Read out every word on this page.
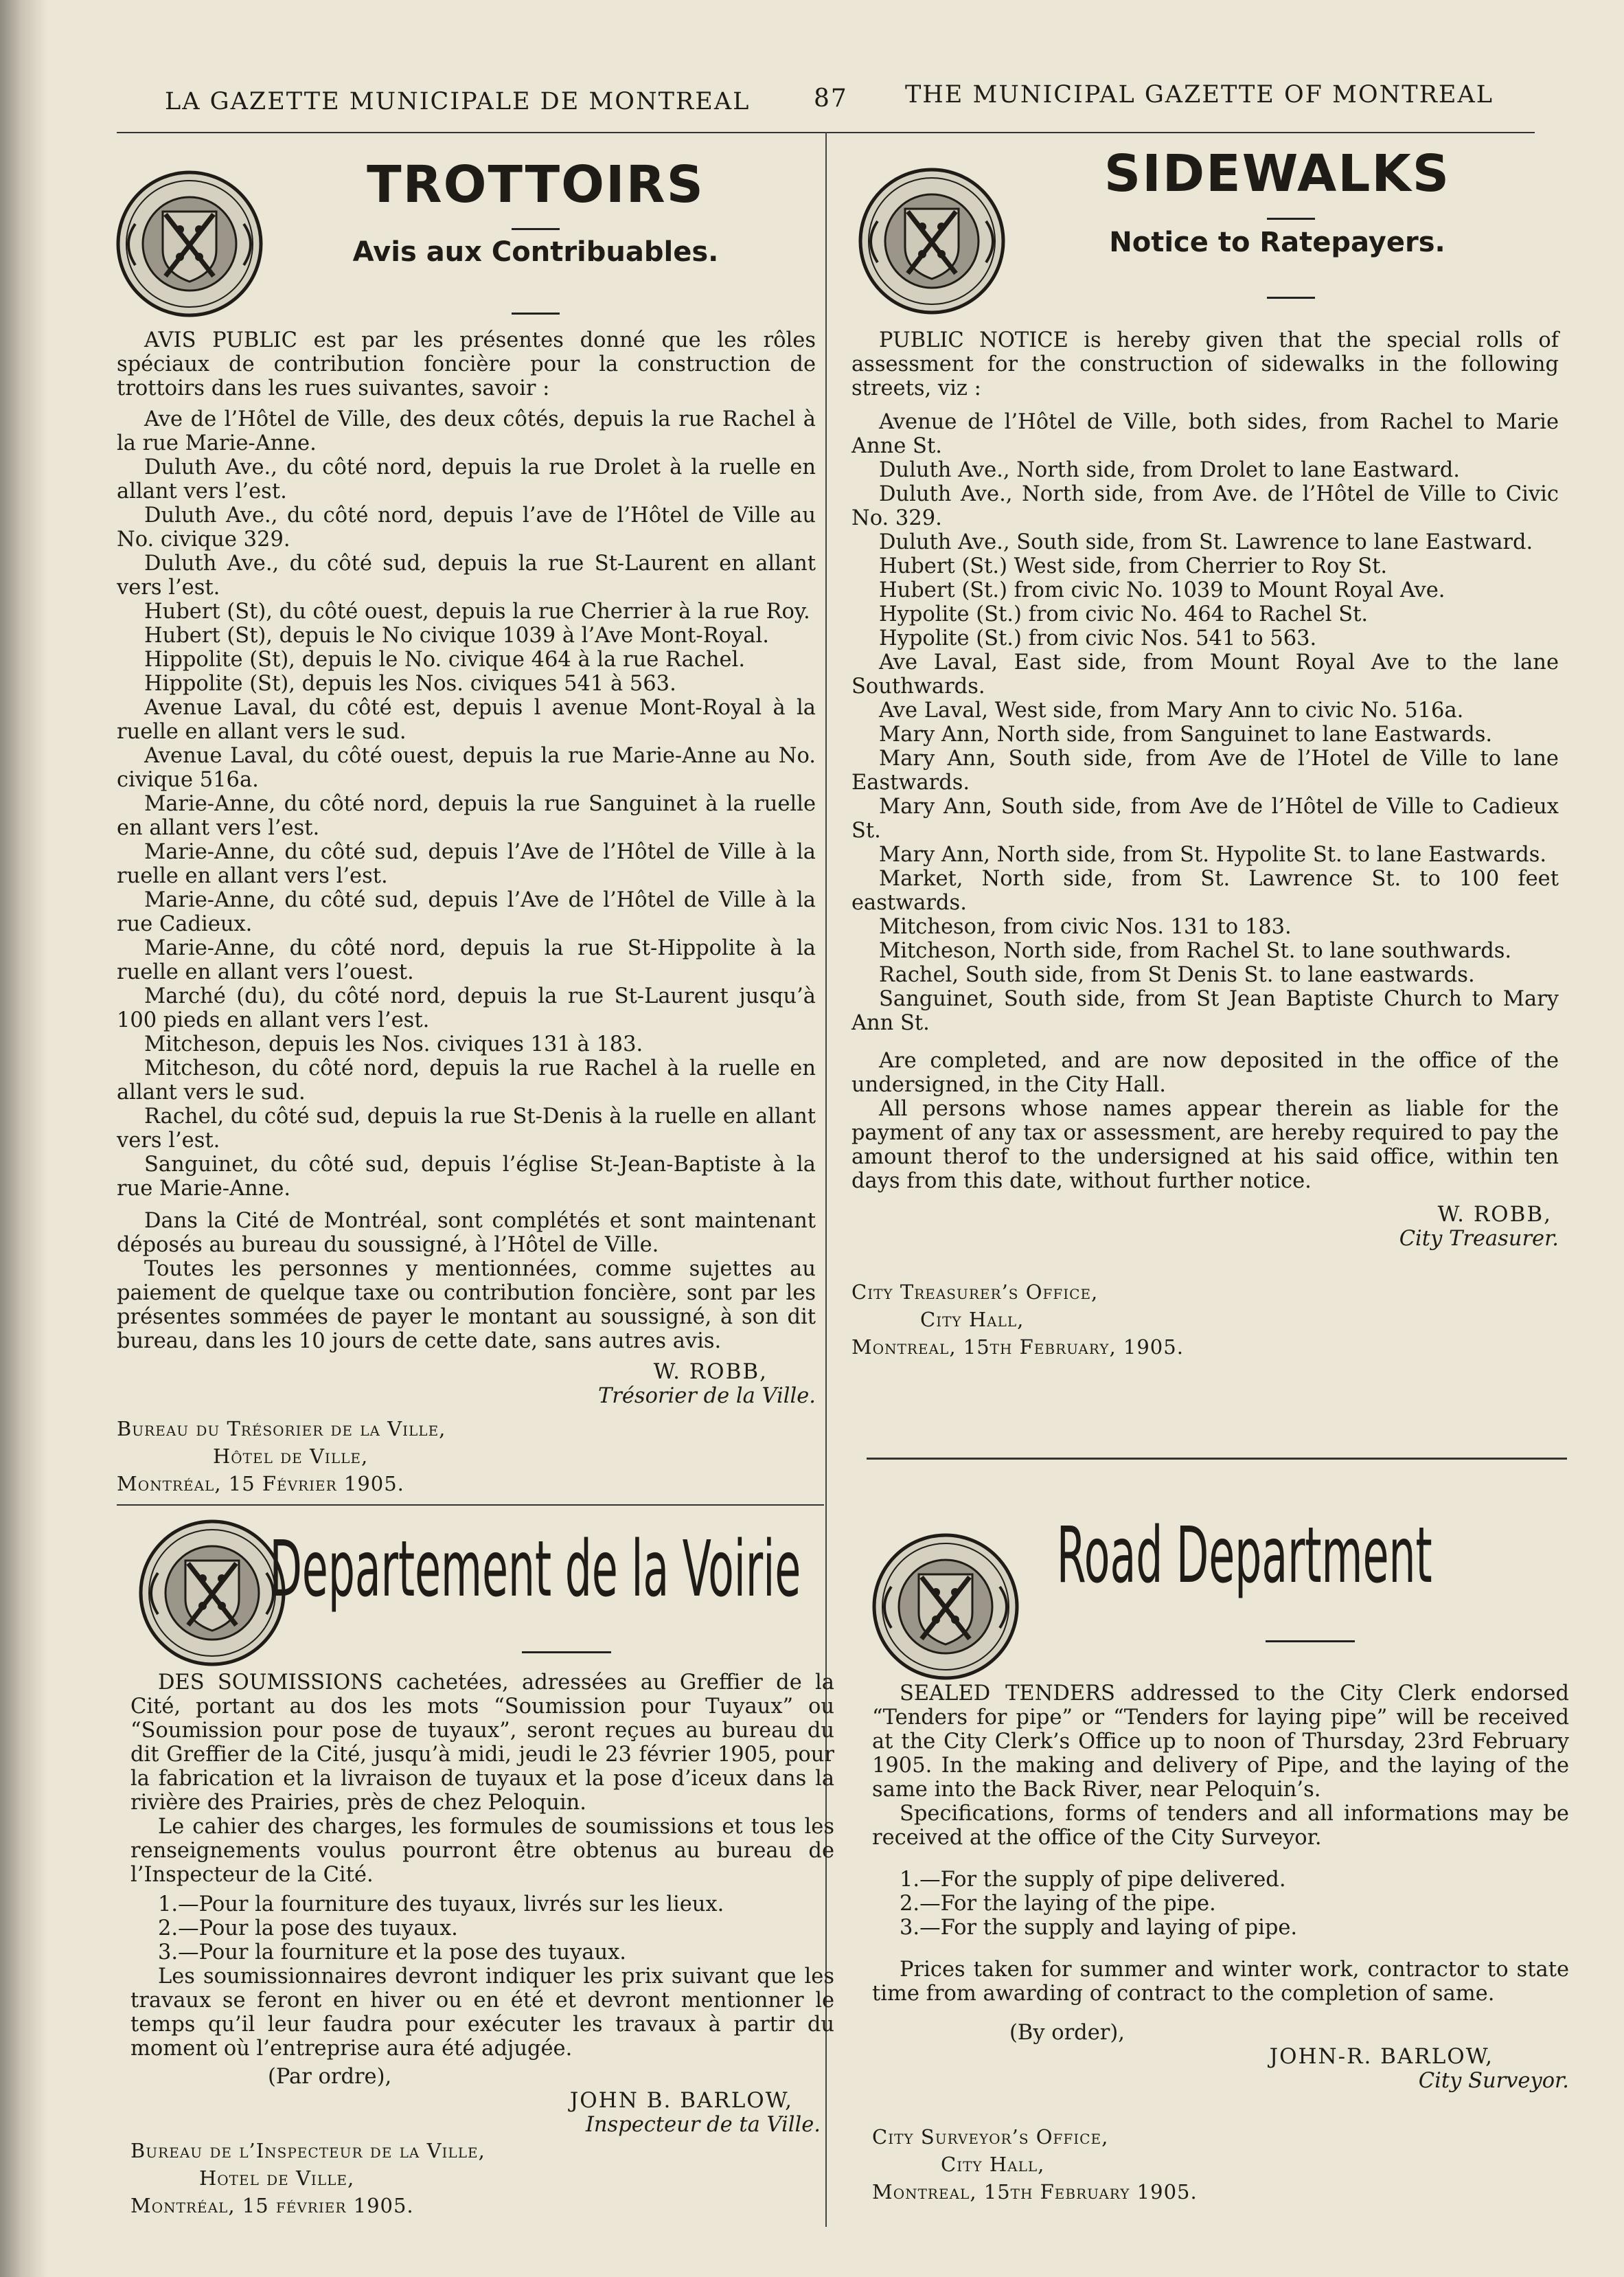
LA GAZETTE MUNICIPALE DE MONTREAL	87 THE MUNICIPAL GAZETTE OF MONTREAL
TROTTOIRS
Avis aux Contribuables.

AVIS PUBLIC est par les présentes donné que les rôles spéciaux de contribution foncière pour la construction de trottoirs dans les rues suivantes, savoir :

Ave de l’Hôtel de Ville, des deux côtés, depuis la rue Rachel à la rue Marie-Anne.

Duluth Ave., du côté nord, depuis la rue Drolet à la ruelle en allant vers l’est.

Duluth Ave., du côté nord, depuis l’ave de l’Hôtel de Ville au No. civique 329.

Duluth Ave., du côté sud, depuis la rue St-Laurent en allant vers l’est.

Hubert (St), du côté ouest, depuis la rue Cherrier à la rue Roy.

Hubert (St), depuis le No civique 1039 à l’Ave Mont-Royal.

Hippolite (St), depuis le No. civique 464 à la rue Rachel.

Hippolite (St), depuis les Nos. civiques 541 à 563.

Avenue Laval, du côté est, depuis l avenue Mont-Royal à la ruelle en allant vers le sud.

Avenue Laval, du côté ouest, depuis la rue Marie-Anne au No. civique 516a.

Marie-Anne, du côté nord, depuis la rue Sanguinet à la ruelle en allant vers l’est.

Marie-Anne, du côté sud, depuis l’Ave de l’Hôtel de Ville à la ruelle en allant vers l’est.

Marie-Anne, du côté sud, depuis l’Ave de l’Hôtel de Ville à la rue Cadieux.

Marie-Anne, du côté nord, depuis la rue St-Hippolite à la ruelle en allant vers l’ouest.

Marché (du), du côté nord, depuis la rue St-Laurent jusqu’à 100 pieds en allant vers l’est.

Mitcheson, depuis les Nos. civiques 131 à 183.

Mitcheson, du côté nord, depuis la rue Rachel à la ruelle en allant vers le sud.

Rachel, du côté sud, depuis la rue St-Denis à la ruelle en allant vers l’est.

Sanguinet, du côté sud, depuis l’église St-Jean-Baptiste à la rue Marie-Anne.

Dans la Cité de Montréal, sont complétés et sont maintenant déposés au bureau du soussigné, à l’Hôtel de Ville.

Toutes les personnes y mentionnées, comme sujettes au paiement de quelque taxe ou contribution foncière, sont par les présentes sommées de payer le montant au soussigné, à son dit bureau, dans les 10 jours de cette date, sans autres avis.

W. ROBB,
Trésorier de la Ville.
Bureau du Trésorier de la Ville,
Hôtel de Ville,
Montréal, 15 Février 1905.
SIDEWALKS
Notice to Ratepayers.

PUBLIC NOTICE is hereby given that the special rolls of assessment for the construction of sidewalks in the following streets, viz :

Avenue de l’Hôtel de Ville, both sides, from Rachel to Marie Anne St.

Duluth Ave., North side, from Drolet to lane Eastward.

Duluth Ave., North side, from Ave. de l’Hôtel de Ville to Civic No. 329.

Duluth Ave., South side, from St. Lawrence to lane Eastward.

Hubert (St.) West side, from Cherrier to Roy St.

Hubert (St.) from civic No. 1039 to Mount Royal Ave.

Hypolite (St.) from civic No. 464 to Rachel St.

Hypolite (St.) from civic Nos. 541 to 563.

Ave Laval, East side, from Mount Royal Ave to the lane Southwards.

Ave Laval, West side, from Mary Ann to civic No. 516a.

Mary Ann, North side, from Sanguinet to lane Eastwards.

Mary Ann, South side, from Ave de l’Hotel de Ville to lane Eastwards.

Mary Ann, South side, from Ave de l’Hôtel de Ville to Cadieux St.

Mary Ann, North side, from St. Hypolite St. to lane Eastwards.

Market, North side, from St. Lawrence St. to 100 feet eastwards.

Mitcheson, from civic Nos. 131 to 183.

Mitcheson, North side, from Rachel St. to lane southwards.

Rachel, South side, from St Denis St. to lane eastwards.

Sanguinet, South side, from St Jean Baptiste Church to Mary Ann St.

Are completed, and are now deposited in the office of the undersigned, in the City Hall.

All persons whose names appear therein as liable for the payment of any tax or assessment, are hereby required to pay the amount therof to the undersigned at his said office, within ten days from this date, without further notice.

W. ROBB,
City Treasurer.
City Treasurer’s Office,
City Hall,
Montreal, 15th February, 1905.
Departement de la Voirie

DES SOUMISSIONS cachetées, adressées au Greffier de la Cité, portant au dos les mots “Soumission pour Tuyaux” ou “Soumission pour pose de tuyaux”, seront reçues au bureau du dit Greffier de la Cité, jusqu’à midi, jeudi le 23 février 1905, pour la fabrication et la livraison de tuyaux et la pose d’iceux dans la rivière des Prairies, près de chez Peloquin.

Le cahier des charges, les formules de soumissions et tous les renseignements voulus pourront être obtenus au bureau de l’Inspecteur de la Cité.

1.—Pour la fourniture des tuyaux, livrés sur les lieux.

2.—Pour la pose des tuyaux.

3.—Pour la fourniture et la pose des tuyaux.

Les soumissionnaires devront indiquer les prix suivant que les travaux se feront en hiver ou en été et devront mentionner le temps qu’il leur faudra pour exécuter les travaux à partir du moment où l’entreprise aura été adjugée.

(Par ordre),

JOHN B. BARLOW,
Inspecteur de ta Ville.
Bureau de l’Inspecteur de la Ville,
Hotel de Ville,
Montréal, 15 février 1905.
Road Department

SEALED TENDERS addressed to the City Clerk endorsed “Tenders for pipe” or “Tenders for laying pipe” will be received at the City Clerk’s Office up to noon of Thursday, 23rd February 1905. In the making and delivery of Pipe, and the laying of the same into the Back River, near Peloquin’s.

Specifications, forms of tenders and all informations may be received at the office of the City Surveyor.

1.—For the supply of pipe delivered.

2.—For the laying of the pipe.

3.—For the supply and laying of pipe.

Prices taken for summer and winter work, contractor to state time from awarding of contract to the completion of same.

(By order),

JOHN-R. BARLOW,
City Surveyor.
City Surveyor’s Office,
City Hall,
Montreal, 15th February 1905.
